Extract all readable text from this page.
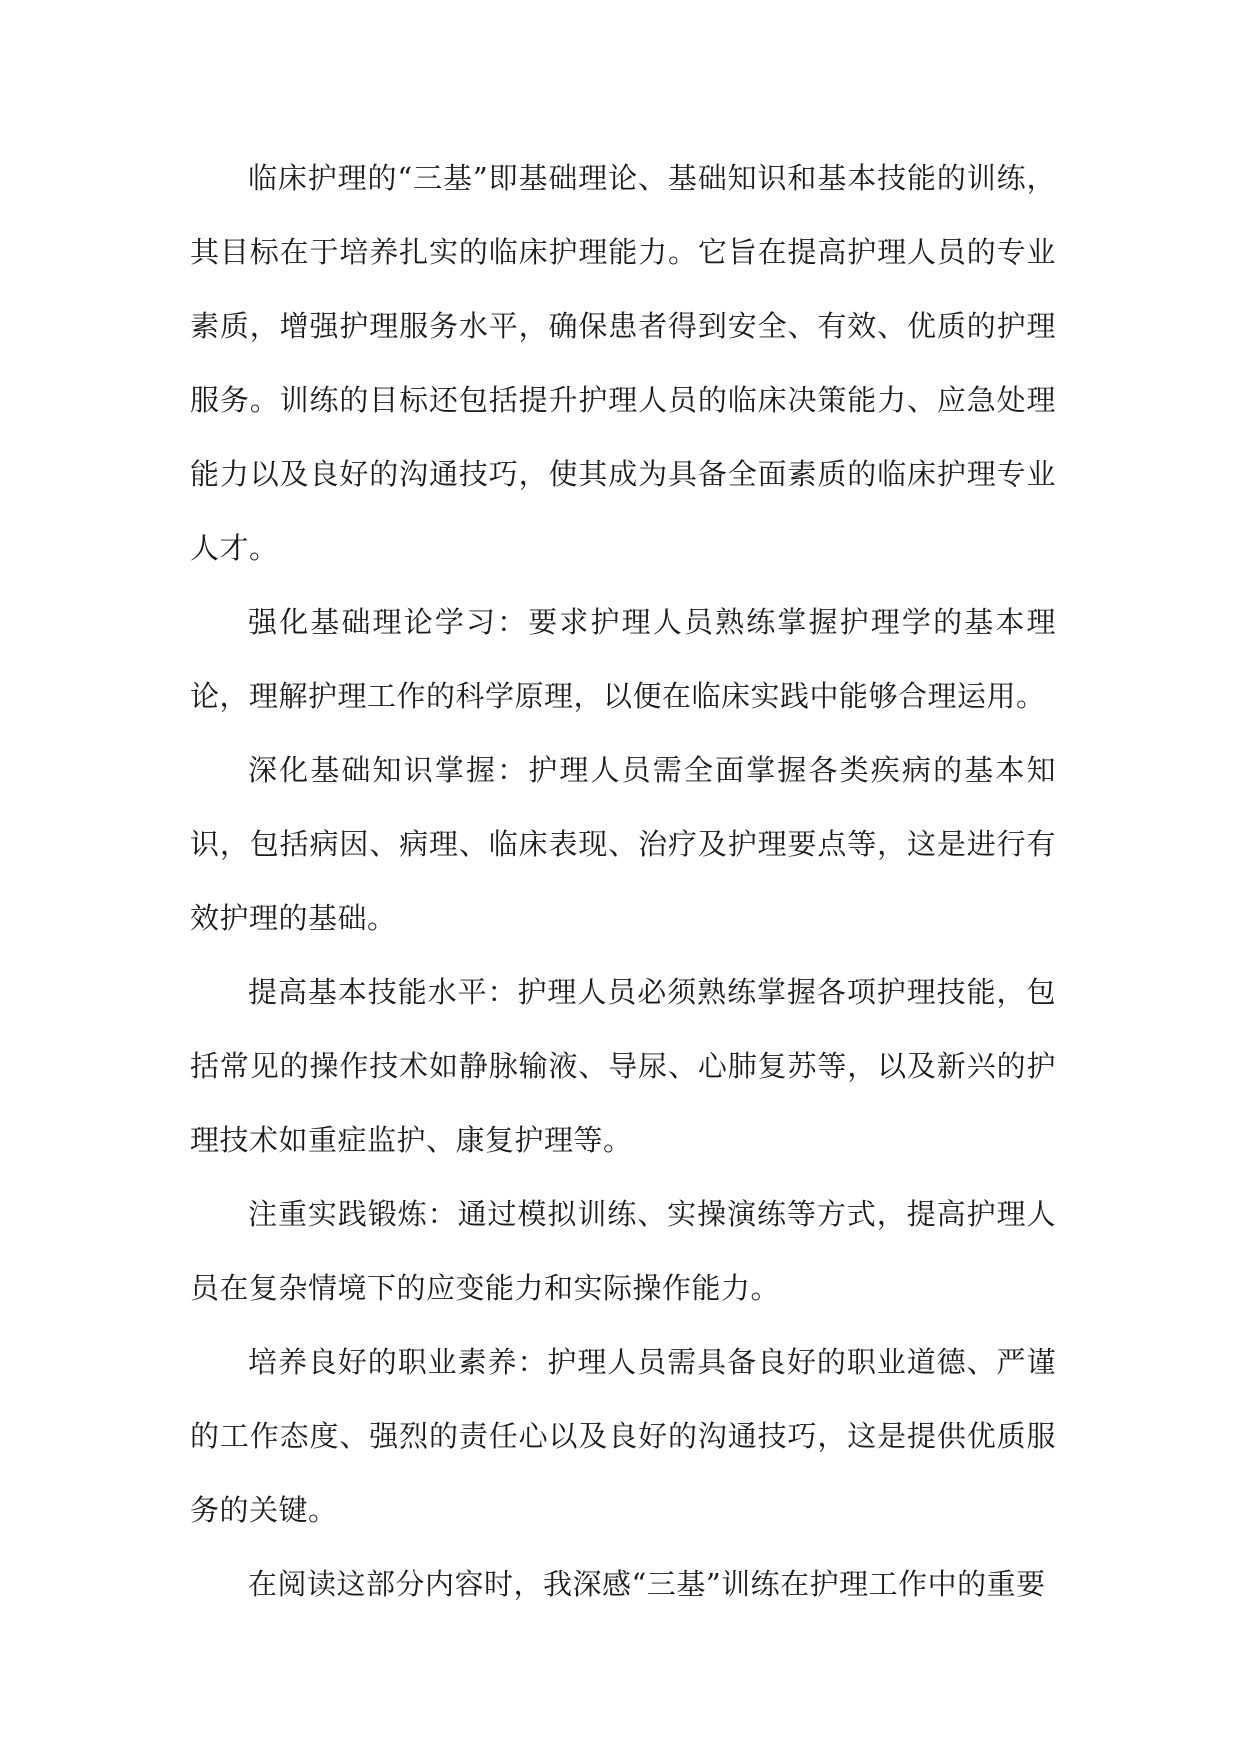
临床护理的“三基”即基础理论、基础知识和基本技能的训练，其目标在于培养扎实的临床护理能力。它旨在提高护理人员的专业素质，增强护理服务水平，确保患者得到安全、有效、优质的护理服务。训练的目标还包括提升护理人员的临床决策能力、应急处理能力以及良好的沟通技巧，使其成为具备全面素质的临床护理专业人才。

强化基础理论学习：要求护理人员熟练掌握护理学的基本理论，理解护理工作的科学原理，以便在临床实践中能够合理运用。

深化基础知识掌握：护理人员需全面掌握各类疾病的基本知识，包括病因、病理、临床表现、治疗及护理要点等，这是进行有效护理的基础。

提高基本技能水平：护理人员必须熟练掌握各项护理技能，包括常见的操作技术如静脉输液、导尿、心肺复苏等，以及新兴的护理技术如重症监护、康复护理等。

注重实践锻炼：通过模拟训练、实操演练等方式，提高护理人员在复杂情境下的应变能力和实际操作能力。

培养良好的职业素养：护理人员需具备良好的职业道德、严谨的工作态度、强烈的责任心以及良好的沟通技巧，这是提供优质服务的关键。

在阅读这部分内容时，我深感“三基”训练在护理工作中的重要
